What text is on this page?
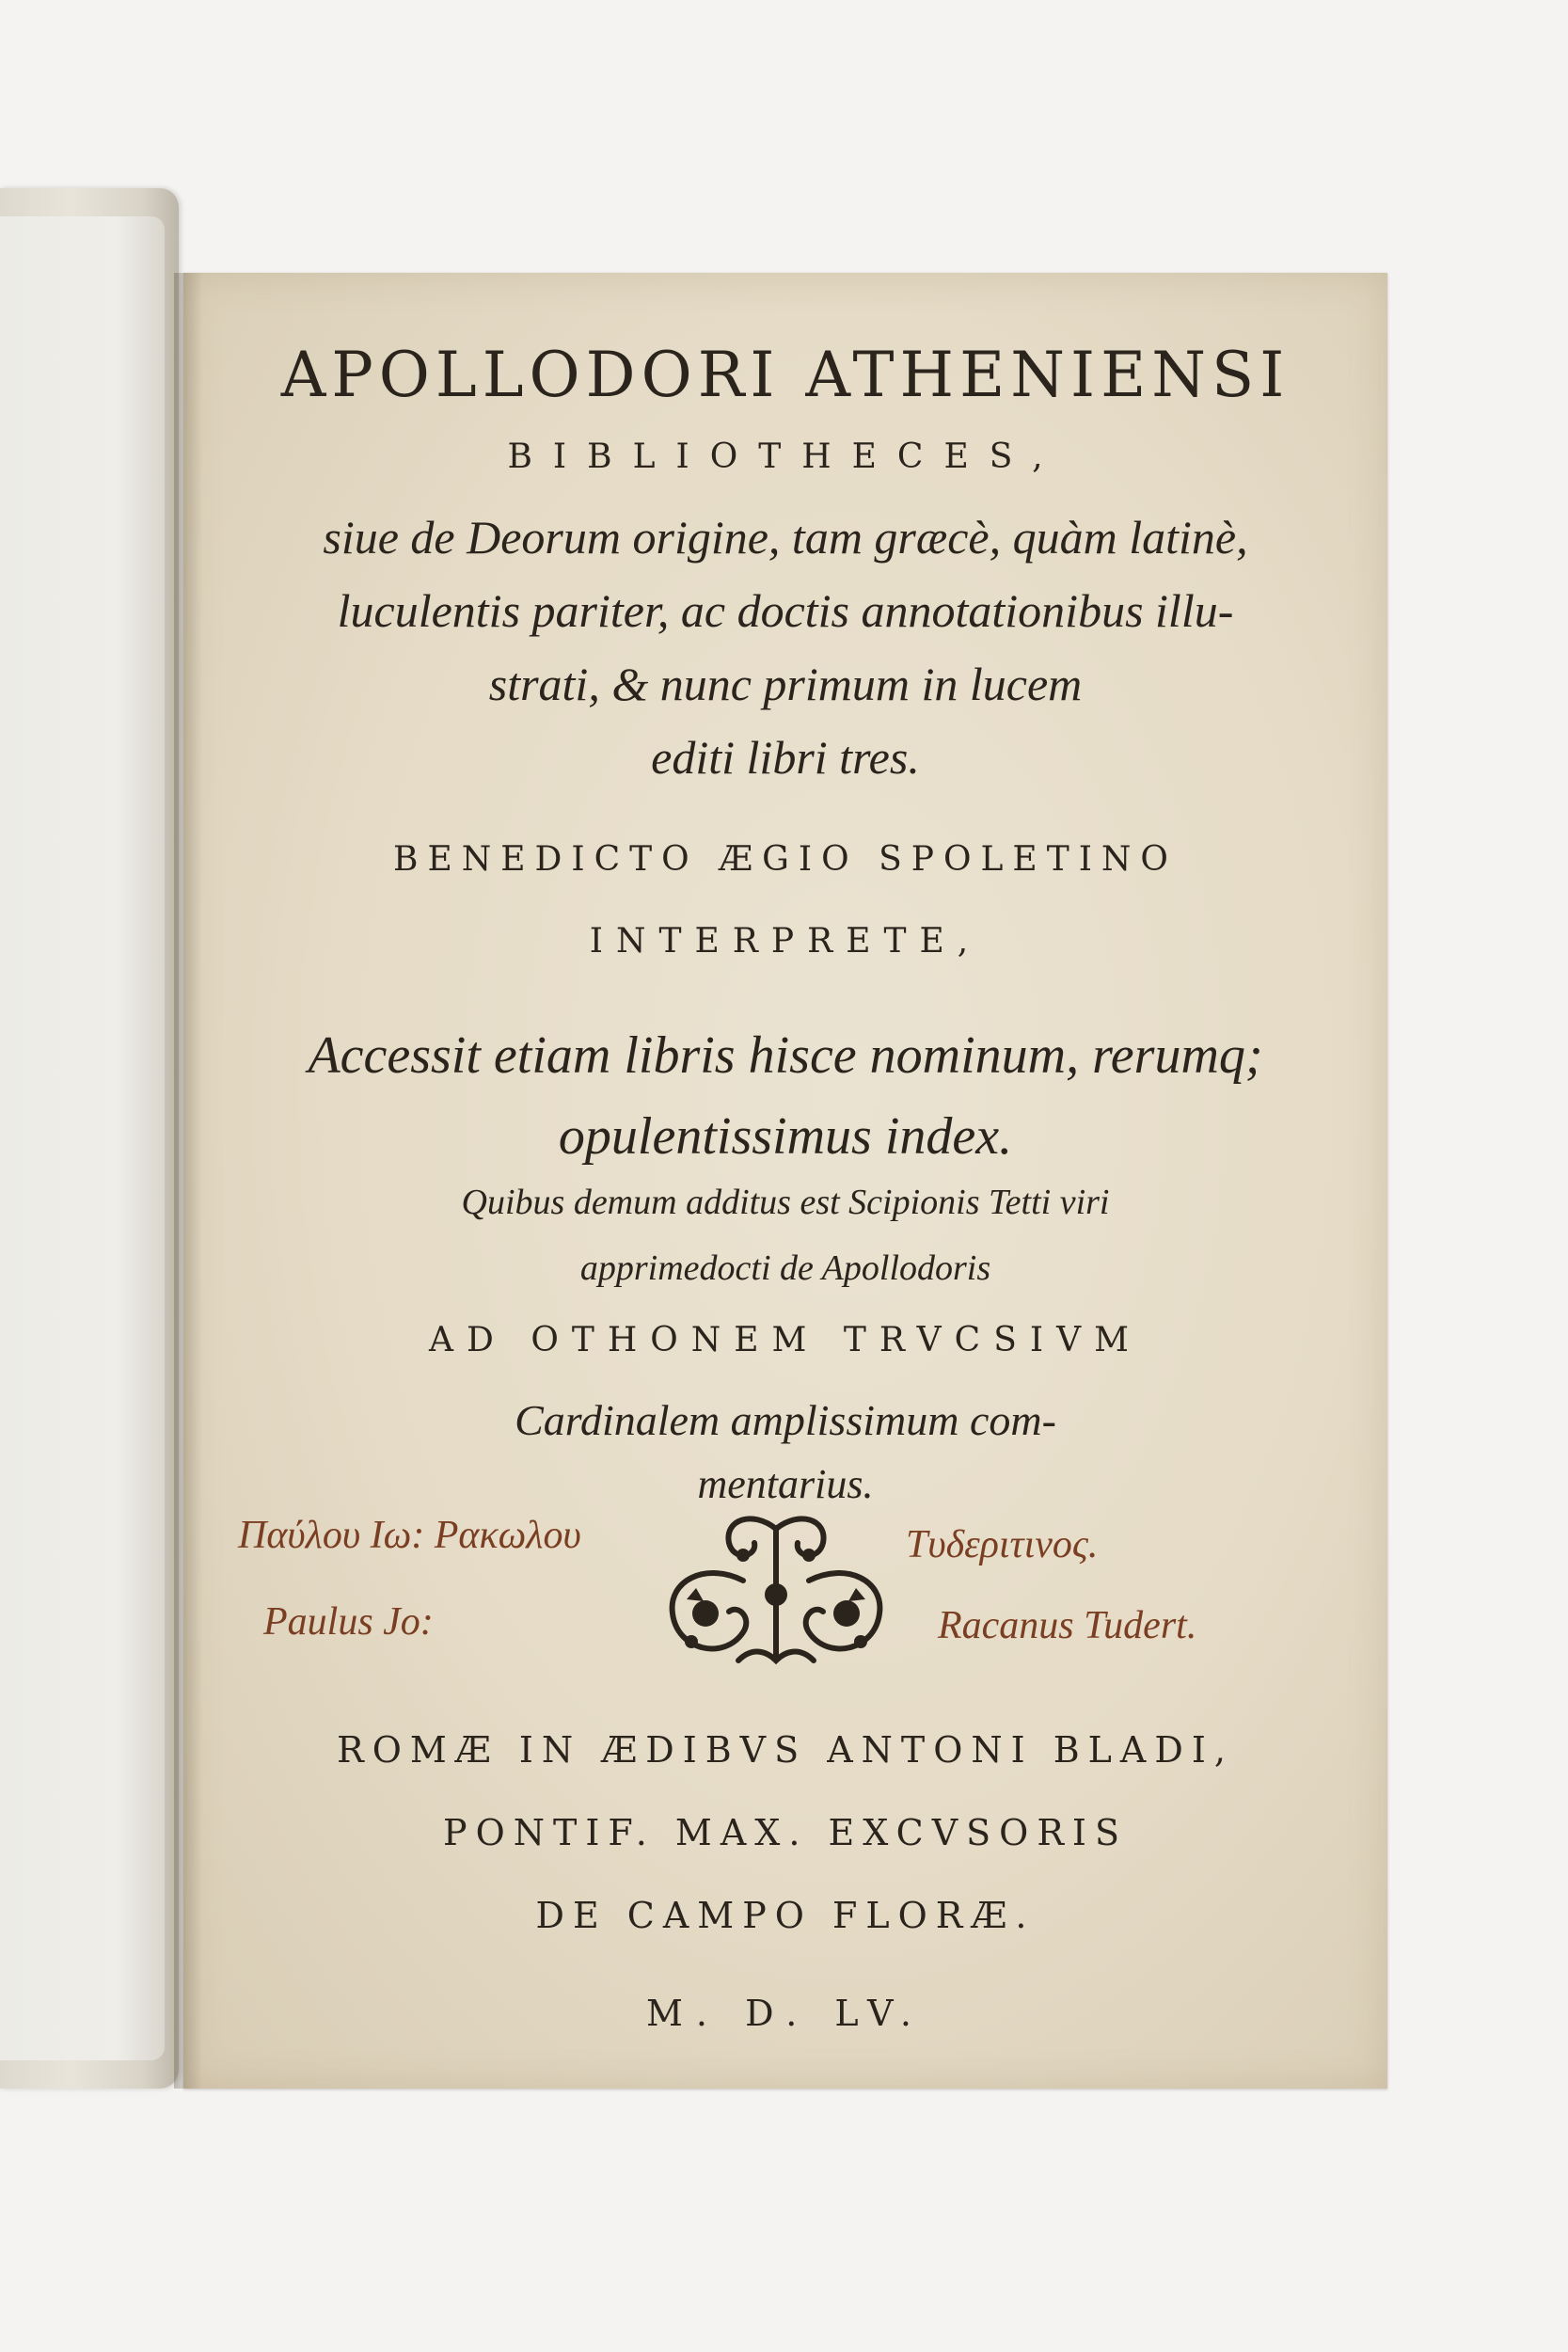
APOLLODORI ATHENIENSI
BIBLIOTHECES,
siue de Deorum origine, tam græcè, quàm latinè,
luculentis pariter, ac doctis annotationibus illu-
strati, & nunc primum in lucem
editi libri tres.
BENEDICTO ÆGIO SPOLETINO
INTERPRETE,
Accessit etiam libris hisce nominum, rerumq;
opulentissimus index.
Quibus demum additus est Scipionis Tetti viri
apprimedocti de Apollodoris
AD OTHONEM TRVCSIVM
Cardinalem amplissimum com-
mentarius.
Παύλου Ιω: Ρακωλου	Τυδεριτινος.
Paulus Jo:	Racanus Tudert.
ROMÆ IN ÆDIBVS ANTONI BLADI,
PONTIF. MAX. EXCVSORIS
DE CAMPO FLORÆ.
M. D. LV.
